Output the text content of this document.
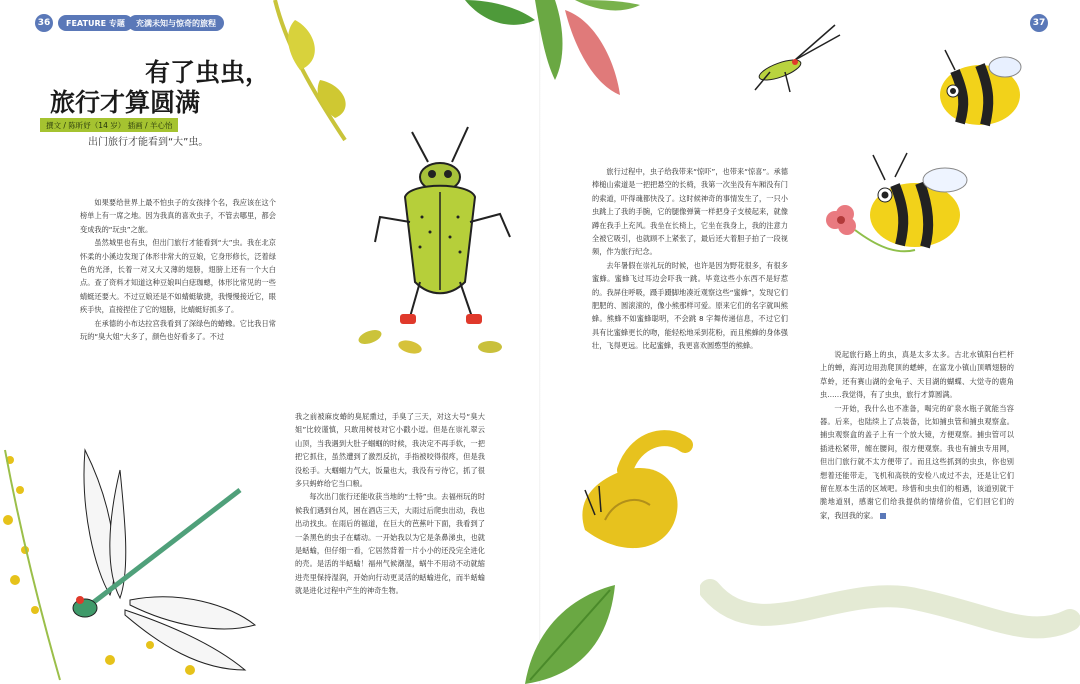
36	FEATURE 专题	充满未知与惊奇的旅程	37
有了虫虫，
旅行才算圆满
撰文 / 陈昕妤（14 岁） 插画 / 羊心怡
出门旅行才能看到“大”虫。

如果要给世界上最不怕虫子的女孩排个名，我应该在这个榜单上有一席之地。因为我真的喜欢虫子，不管去哪里，都会变成我的“玩虫”之旅。

虽然城里也有虫，但出门旅行才能看到“大”虫。我在北京怀柔的小溪边发现了体形非常大的豆娘，它身形修长，泛着绿色的光泽，长着一对又大又薄的翅膀，翅膀上还有一个大白点。查了资料才知道这种豆娘叫白痣珈蟌，体形比常见的一些蜻蜓还要大。不过豆娘还是不如蜻蜓敏捷，我慢慢接近它，眼疾手快，直接捏住了它的翅膀，比蜻蜓好抓多了。

在承德的小布达拉宫我看到了深绿色的蝽蟓。它比我日常玩的“臭大姐”大多了，颜色也好看多了。不过

我之前被麻皮蝽的臭屁熏过，手臭了三天，对这大号“臭大姐”比较谨慎，只敢用树枝对它小戳小逗。但是在崇礼翠云山顶，当我遇到大肚子蝈蝈的时候，我决定不再手软，一把把它抓住，虽然遭到了激烈反抗，手指被咬得很疼，但是我没松手。大蝈蝈力气大，饭量也大，我没有亏待它，抓了很多只蚂蚱给它当口粮。

每次出门旅行还能收获当地的“土特”虫。去福州玩的时候我们遇到台风，困在酒店三天，大雨过后爬虫出动，我也出动找虫。在雨后的福道，在巨大的芭蕉叶下面，我看到了一条黑色的虫子在蠕动。一开始我以为它是条鼻涕虫，也就是蛞蝓，但仔细一看，它居然背着一片小小的还没完全进化的壳。是活的半蛞蝓！福州气候潮湿，蜗牛不用动不动就缩进壳里保持湿润，开始向行动更灵活的蛞蝓进化，而半蛞蝓就是进化过程中产生的神奇生物。

旅行过程中，虫子给我带来“惊吓”，也带来“惊喜”。承德棒槌山索道是一把把悬空的长椅，我第一次坐没有车厢没有门的索道，吓得魂都快没了。这时候神奇的事情发生了，一只小虫跳上了我的手腕，它的腿像弹簧一样把身子支棱起来，就像蹲在我手上充风。我坐在长椅上，它坐在我身上，我的注意力全被它吸引，也就顾不上紧张了，最后还大着胆子拍了一段视频，作为旅行纪念。

去年暑假在崇礼玩的时候，也许是因为野花很多，有很多蜜蜂。蜜蜂飞过耳边会吓我一跳。毕竟这些小东西不是好惹的。我屏住呼吸，蹑手蹑脚地凑近观察这些“蜜蜂”，发现它们肥肥的、圆滚滚的，像小熊那样可爱。原来它们的名字就叫熊蜂。熊蜂不如蜜蜂聪明，不会跳 8 字舞传递信息，不过它们具有比蜜蜂更长的吻，能轻松地采到花粉，而且熊蜂的身体强壮，飞得更远。比起蜜蜂，我更喜欢圆憨型的熊蜂。

说起旅行路上的虫，真是太多太多。古北水镇阳台栏杆上的蝉，海河边用劲爬顶的蟋蟀，在富龙小镇山顶晒翅膀的草蛉，还有赛山湖的金龟子、天目湖的蝴蝶、大觉寺的鹿角虫……我觉得，有了虫虫，旅行才算圆满。

一开始，我什么也不准备，喝完的矿泉水瓶子就能当容器。后来，也陆续上了点装备，比如捕虫管和捕虫观察盒。捕虫观察盒的盖子上有一个放大镜，方便观察。捕虫管可以插进松紧带，缠在腰间，很方便观察。我也有捕虫专用网，但出门旅行就不太方便带了。而且这些抓到的虫虫，你也别想着还能带走，飞机和高铁的安检八成过不去，还是让它们留在原本生活的区域吧。珍惜和虫虫们的相遇，该道别就干脆地道别，感谢它们给我提供的情绪价值，它们回它们的家，我回我的家。
